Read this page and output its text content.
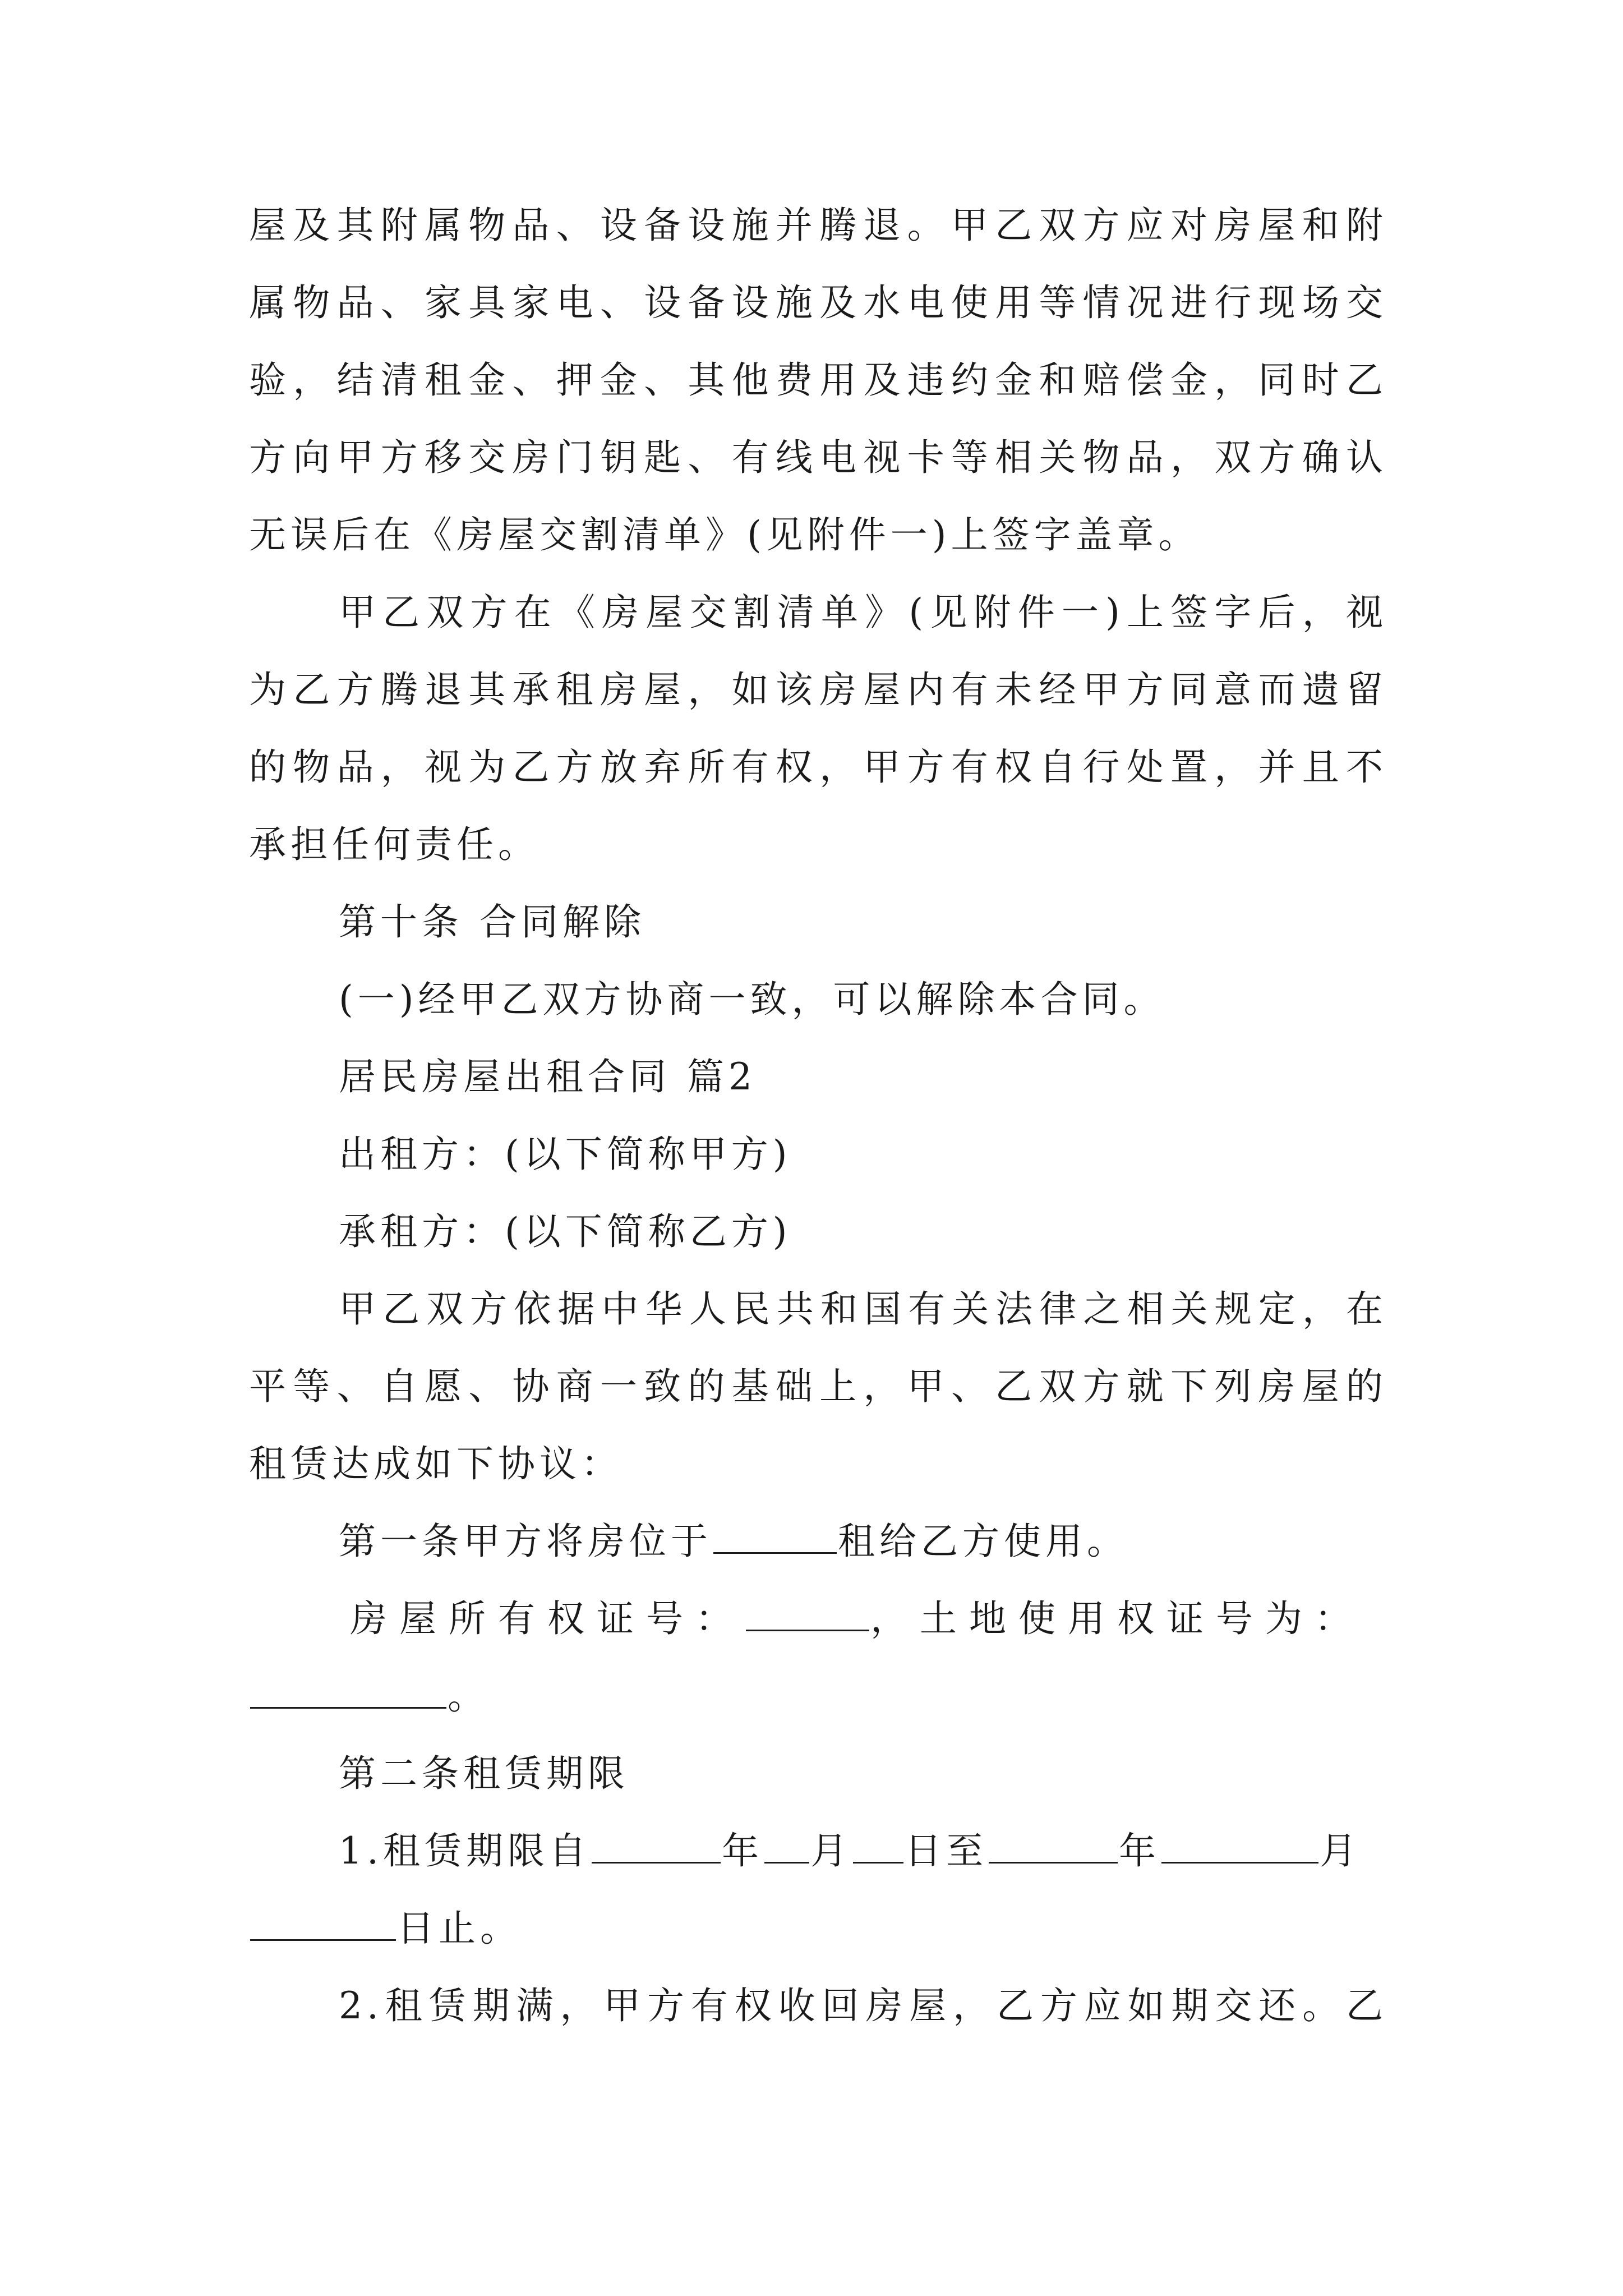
屋及其附属物品、设备设施并腾退。甲乙双方应对房屋和附
属物品、家具家电、设备设施及水电使用等情况进行现场交
验，结清租金、押金、其他费用及违约金和赔偿金，同时乙
方向甲方移交房门钥匙、有线电视卡等相关物品，双方确认
无误后在《房屋交割清单》(见附件一)上签字盖章。
甲乙双方在《房屋交割清单》(见附件一)上签字后，视
为乙方腾退其承租房屋，如该房屋内有未经甲方同意而遗留
的物品，视为乙方放弃所有权，甲方有权自行处置，并且不
承担任何责任。
第十条 合同解除
(一)经甲乙双方协商一致，可以解除本合同。
居民房屋出租合同 篇2
出租方：(以下简称甲方)
承租方：(以下简称乙方)
甲乙双方依据中华人民共和国有关法律之相关规定，在
平等、自愿、协商一致的基础上，甲、乙双方就下列房屋的
租赁达成如下协议：
第一条甲方将房位于	租给乙方使用。
房屋所有权证号：	，土地使用权证号为：
。
第二条租赁期限
1.租赁期限自	年 月 日至	年	月
日止。
2.租赁期满，甲方有权收回房屋，乙方应如期交还。乙
